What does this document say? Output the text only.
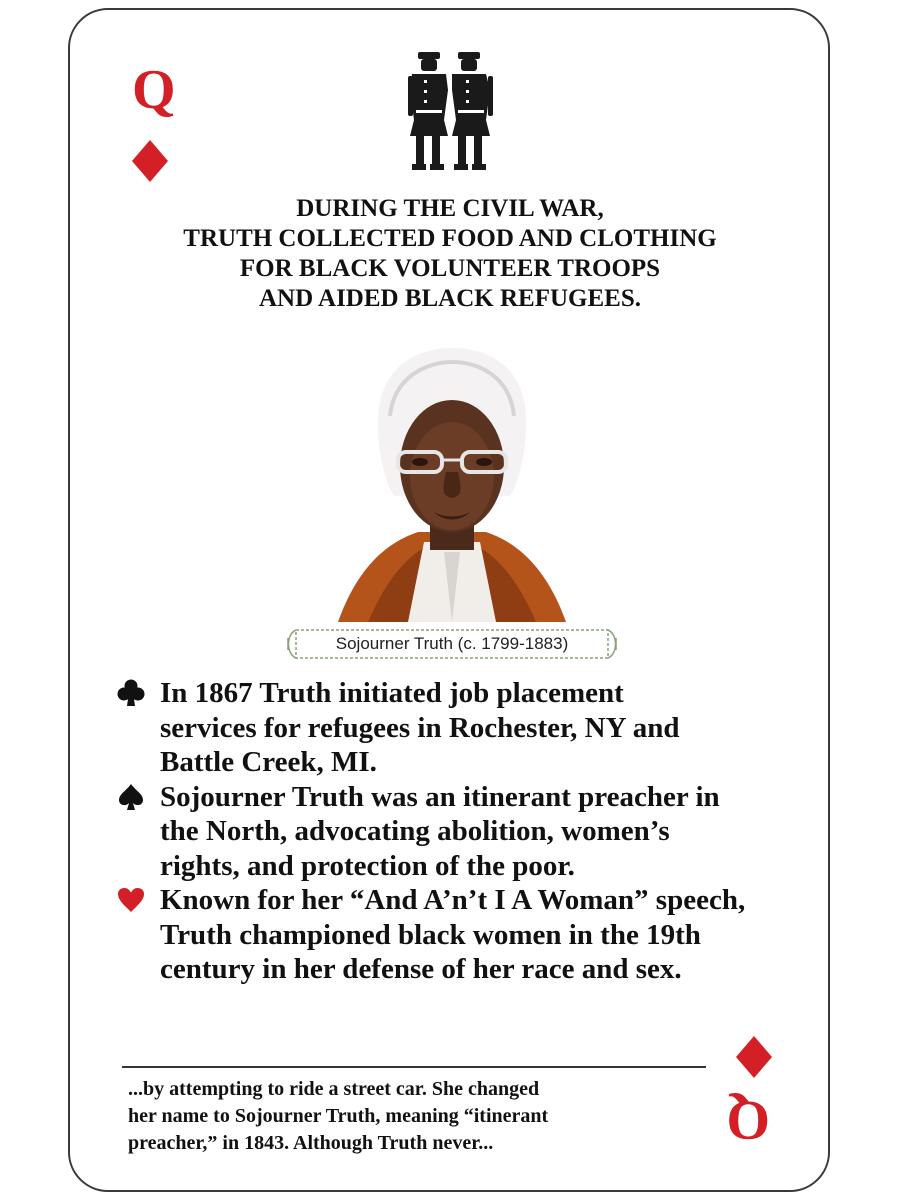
Q
DURING THE CIVIL WAR,
TRUTH COLLECTED FOOD AND CLOTHING
FOR BLACK VOLUNTEER TROOPS
AND AIDED BLACK REFUGEES.
Sojourner Truth (c. 1799-1883)
In 1867 Truth initiated job placement
services for refugees in Rochester, NY and
Battle Creek, MI.
Sojourner Truth was an itinerant preacher in
the North, advocating abolition, women’s
rights, and protection of the poor.
Known for her “And A’n’t I A Woman” speech,
Truth championed black women in the 19th
century in her defense of her race and sex.
...by attempting to ride a street car. She changed
her name to Sojourner Truth, meaning “itinerant
preacher,” in 1843. Although Truth never...	Q
